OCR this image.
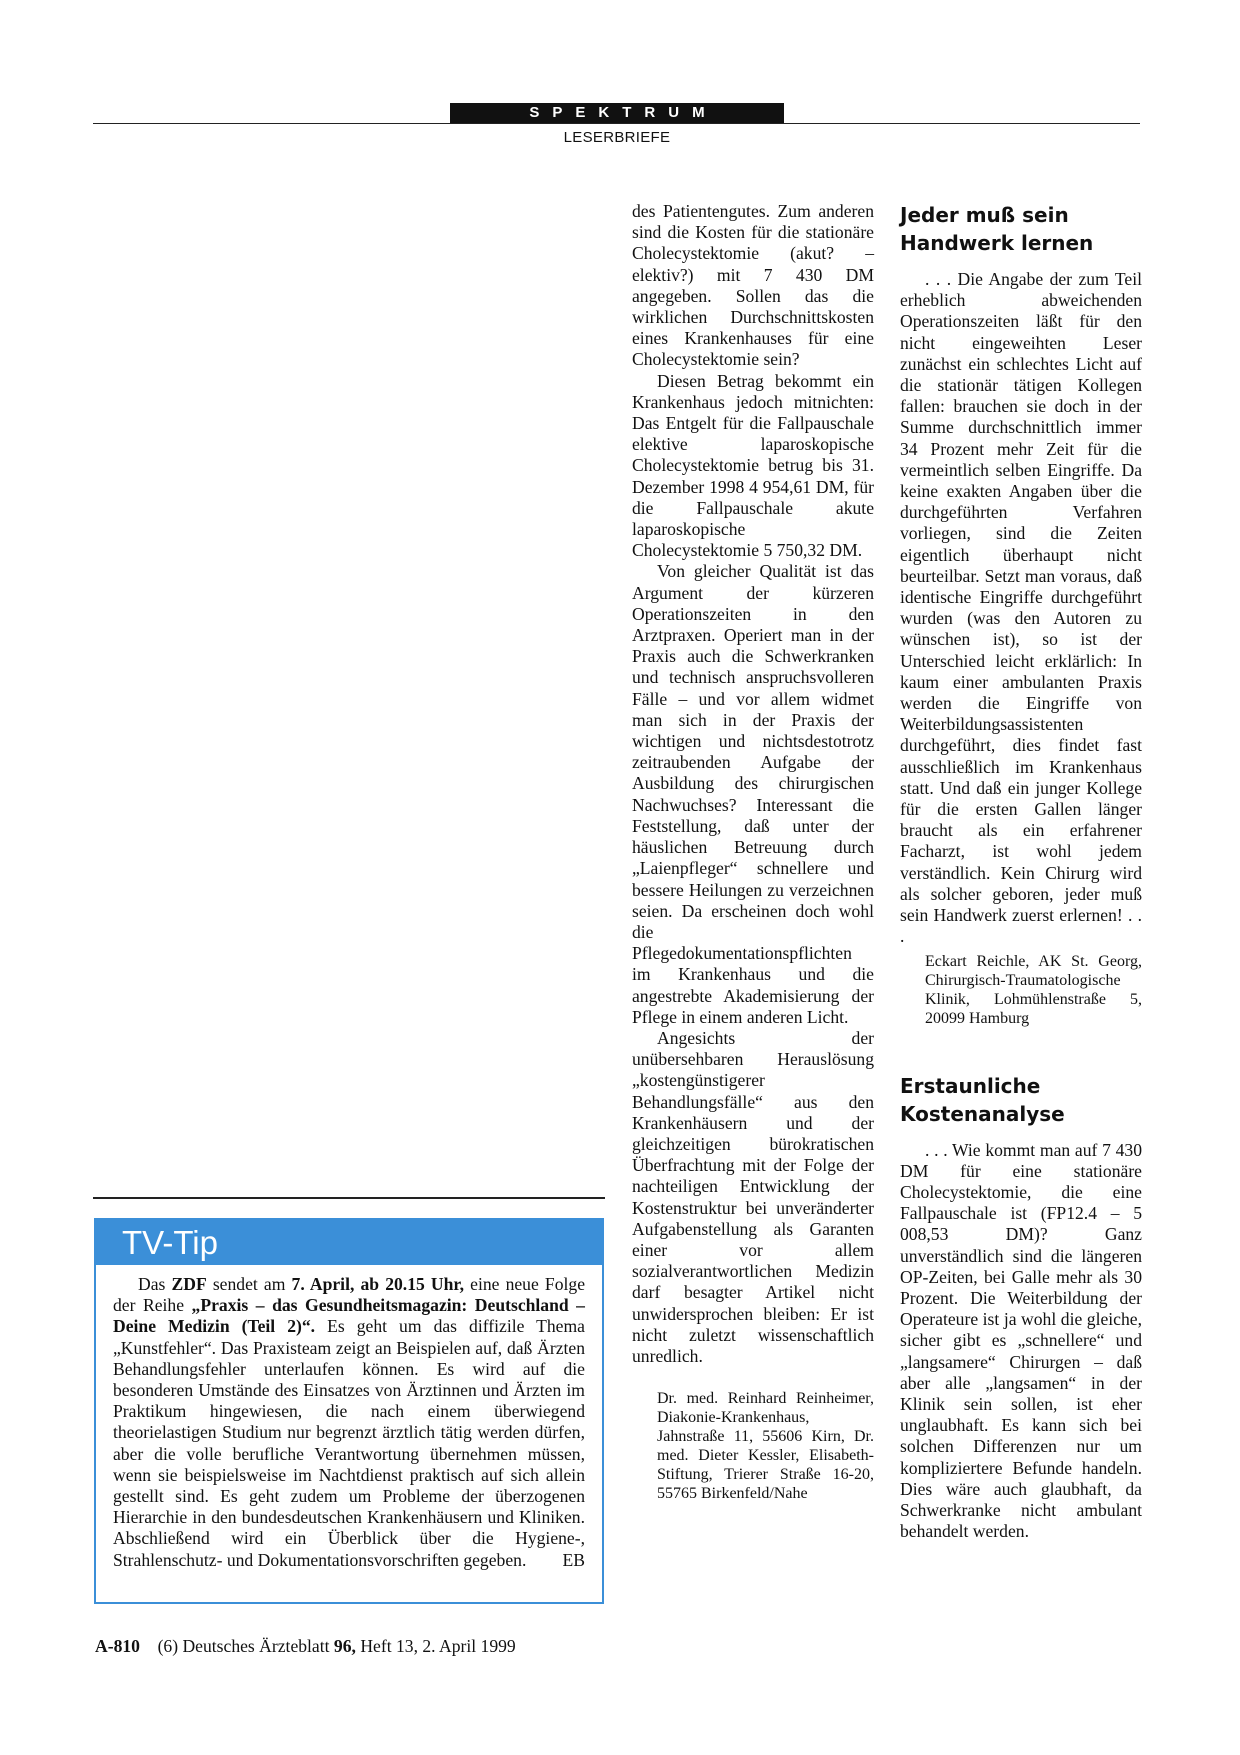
SPEKTRUM
LESERBRIEFE

des Patientengutes. Zum anderen sind die Kosten für die stationäre Cholecystektomie (akut? – elektiv?) mit 7 430 DM angegeben. Sollen das die wirklichen Durchschnittskosten eines Krankenhauses für eine Cholecystektomie sein?

Diesen Betrag bekommt ein Krankenhaus jedoch mitnichten: Das Entgelt für die Fallpauschale elektive laparoskopische Cholecystektomie betrug bis 31. Dezember 1998 4 954,61 DM, für die Fallpauschale akute laparoskopische Cholecystektomie 5 750,32 DM.

Von gleicher Qualität ist das Argument der kürzeren Operationszeiten in den Arztpraxen. Operiert man in der Praxis auch die Schwerkranken und technisch anspruchsvolleren Fälle – und vor allem widmet man sich in der Praxis der wichtigen und nichtsdestotrotz zeitraubenden Aufgabe der Ausbildung des chirurgischen Nachwuchses? Interessant die Feststellung, daß unter der häuslichen Betreuung durch „Laienpfleger“ schnellere und bessere Heilungen zu verzeichnen seien. Da erscheinen doch wohl die Pflegedokumentationspflichten im Krankenhaus und die angestrebte Akademisierung der Pflege in einem anderen Licht.

Angesichts der unübersehbaren Herauslösung „kostengünstigerer Behandlungsfälle“ aus den Krankenhäusern und der gleichzeitigen bürokratischen Überfrachtung mit der Folge der nachteiligen Entwicklung der Kostenstruktur bei unveränderter Aufgabenstellung als Garanten einer vor allem sozialverantwortlichen Medizin darf besagter Artikel nicht unwidersprochen bleiben: Er ist nicht zuletzt wissenschaftlich unredlich.

Dr. med. Reinhard Reinheimer, Diakonie-Krankenhaus, Jahnstraße 11, 55606 Kirn, Dr. med. Dieter Kessler, Elisabeth-Stiftung, Trierer Straße 16-20, 55765 Birkenfeld/Nahe

Jeder muß sein Handwerk lernen

. . . Die Angabe der zum Teil erheblich abweichenden Operationszeiten läßt für den nicht eingeweihten Leser zunächst ein schlechtes Licht auf die stationär tätigen Kollegen fallen: brauchen sie doch in der Summe durchschnittlich immer 34 Prozent mehr Zeit für die vermeintlich selben Eingriffe. Da keine exakten Angaben über die durchgeführten Verfahren vorliegen, sind die Zeiten eigentlich überhaupt nicht beurteilbar. Setzt man voraus, daß identische Eingriffe durchgeführt wurden (was den Autoren zu wünschen ist), so ist der Unterschied leicht erklärlich: In kaum einer ambulanten Praxis werden die Eingriffe von Weiterbildungsassistenten durchgeführt, dies findet fast ausschließlich im Krankenhaus statt. Und daß ein junger Kollege für die ersten Gallen länger braucht als ein erfahrener Facharzt, ist wohl jedem verständlich. Kein Chirurg wird als solcher geboren, jeder muß sein Handwerk zuerst erlernen! . . .

Eckart Reichle, AK St. Georg, Chirurgisch-Traumatologische Klinik, Lohmühlenstraße 5, 20099 Hamburg

Erstaunliche Kostenanalyse

. . . Wie kommt man auf 7 430 DM für eine stationäre Cholecystektomie, die eine Fallpauschale ist (FP12.4 – 5 008,53 DM)? Ganz unverständlich sind die längeren OP-Zeiten, bei Galle mehr als 30 Prozent. Die Weiterbildung der Operateure ist ja wohl die gleiche, sicher gibt es „schnellere“ und „langsamere“ Chirurgen – daß aber alle „langsamen“ in der Klinik sein sollen, ist eher unglaubhaft. Es kann sich bei solchen Differenzen nur um kompliziertere Befunde handeln. Dies wäre auch glaubhaft, da Schwerkranke nicht ambulant behandelt werden.

TV-Tip

Das ZDF sendet am 7. April, ab 20.15 Uhr, eine neue Folge der Reihe „Praxis – das Gesundheitsmagazin: Deutschland – Deine Medizin (Teil 2)“. Es geht um das diffizile Thema „Kunstfehler“. Das Praxisteam zeigt an Beispielen auf, daß Ärzten Behandlungsfehler unterlaufen können. Es wird auf die besonderen Umstände des Einsatzes von Ärztinnen und Ärzten im Praktikum hingewiesen, die nach einem überwiegend theorielastigen Studium nur begrenzt ärztlich tätig werden dürfen, aber die volle berufliche Verantwortung übernehmen müssen, wenn sie beispielsweise im Nachtdienst praktisch auf sich allein gestellt sind. Es geht zudem um Probleme der überzogenen Hierarchie in den bundesdeutschen Krankenhäusern und Kliniken. Abschließend wird ein Überblick über die Hygiene-, Strahlenschutz- und Dokumentationsvorschriften gegeben.	EB

A-810 (6) Deutsches Ärzteblatt 96, Heft 13, 2. April 1999
